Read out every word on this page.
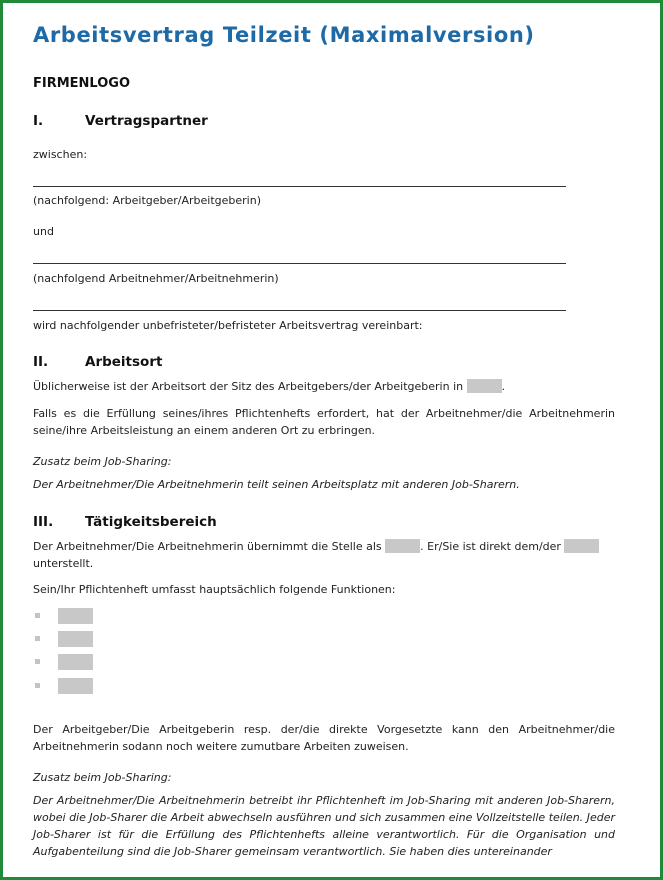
Arbeitsvertrag Teilzeit (Maximalversion)
FIRMENLOGO
I.	Vertragspartner
zwischen:
(nachfolgend: Arbeitgeber/Arbeitgeberin)
und
(nachfolgend Arbeitnehmer/Arbeitnehmerin)
wird nachfolgender unbefristeter/befristeter Arbeitsvertrag vereinbart:
II.	Arbeitsort
Üblicherweise ist der Arbeitsort der Sitz des Arbeitgebers/der Arbeitgeberin in	.
Falls es die Erfüllung seines/ihres Pflichtenhefts erfordert, hat der Arbeitnehmer/die Arbeitnehmerin seine/ihre Arbeitsleistung an einem anderen Ort zu erbringen.
Zusatz beim Job-Sharing:
Der Arbeitnehmer/Die Arbeitnehmerin teilt seinen Arbeitsplatz mit anderen Job-Sharern.
III. Tätigkeitsbereich
Der Arbeitnehmer/Die Arbeitnehmerin übernimmt die Stelle als	. Er/Sie ist direkt dem/der
unterstellt.
Sein/Ihr Pflichtenheft umfasst hauptsächlich folgende Funktionen:
Der Arbeitgeber/Die Arbeitgeberin resp. der/die direkte Vorgesetzte kann den Arbeitnehmer/die Arbeitnehmerin sodann noch weitere zumutbare Arbeiten zuweisen.
Zusatz beim Job-Sharing:
Der Arbeitnehmer/Die Arbeitnehmerin betreibt ihr Pflichtenheft im Job-Sharing mit anderen Job-Sharern, wobei die Job-Sharer die Arbeit abwechseln ausführen und sich zusammen eine Vollzeitstelle teilen. Jeder Job-Sharer ist für die Erfüllung des Pflichtenhefts alleine verantwortlich. Für die Organisation und Aufgabenteilung sind die Job-Sharer gemeinsam verantwortlich. Sie haben dies untereinander
